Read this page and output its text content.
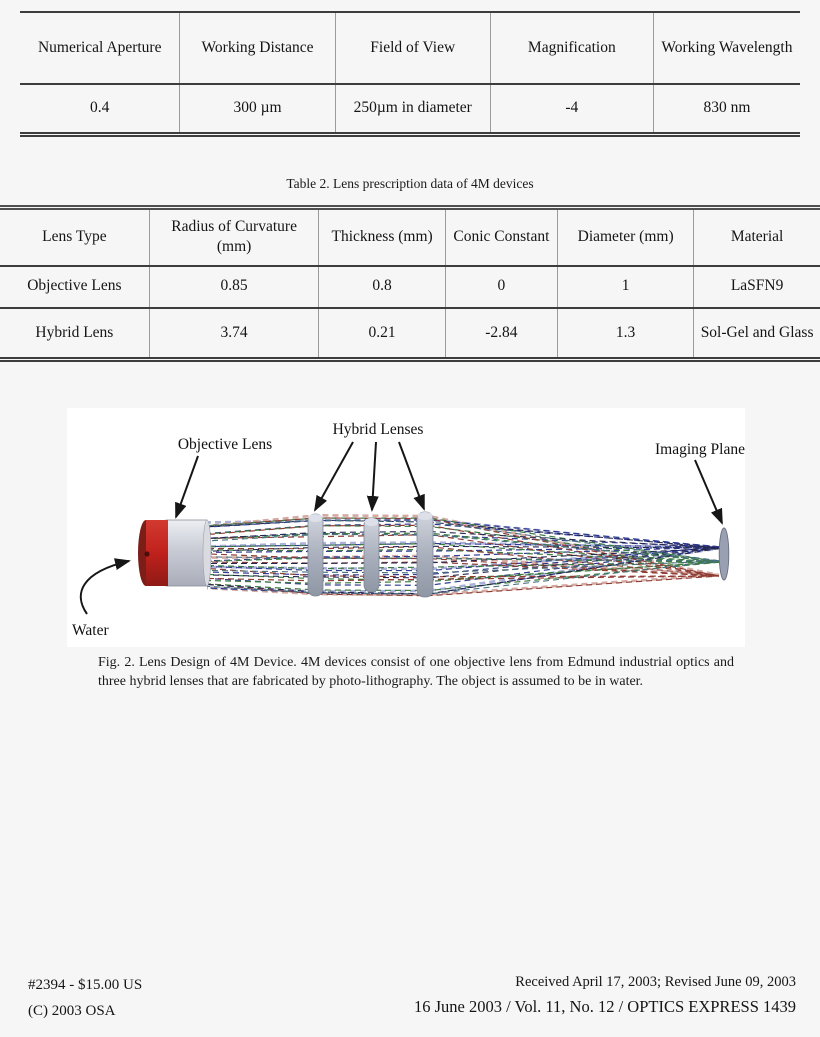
Numerical Aperture	Working Distance	Field of View	Magnification	Working Wavelength
0.4	300 µm	250µm in diameter	-4	830 nm
Table 2. Lens prescription data of 4M devices
Lens Type	Radius of Curvature (mm)	Thickness (mm)	Conic Constant	Diameter (mm)	Material
Objective Lens	0.85	0.8	0	1	LaSFN9
Hybrid Lens	3.74	0.21	-2.84	1.3	Sol-Gel and Glass
Objective Lens
Hybrid Lenses
Imaging Plane
Water
Fig. 2. Lens Design of 4M Device. 4M devices consist of one objective lens from Edmund industrial optics and three hybrid lenses that are fabricated by photo-lithography. The object is assumed to be in water.
#2394 - $15.00 US
(C) 2003 OSA
Received April 17, 2003; Revised June 09, 2003
16 June 2003 / Vol. 11, No. 12 / OPTICS EXPRESS 1439
